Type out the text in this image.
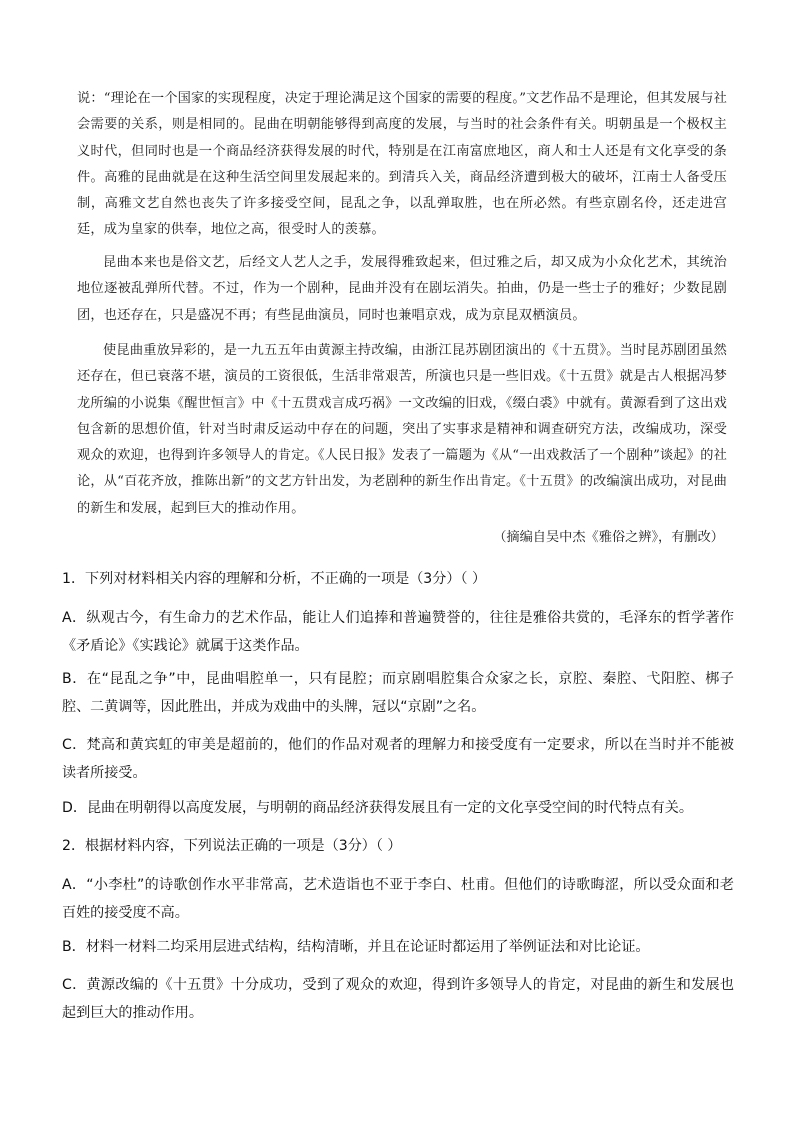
说：“理论在一个国家的实现程度，决定于理论满足这个国家的需要的程度。”文艺作品不是理论，但其发展与社会需要的关系，则是相同的。昆曲在明朝能够得到高度的发展，与当时的社会条件有关。明朝虽是一个极权主义时代，但同时也是一个商品经济获得发展的时代，特别是在江南富庶地区，商人和士人还是有文化享受的条件。高雅的昆曲就是在这种生活空间里发展起来的。到清兵入关，商品经济遭到极大的破坏，江南士人备受压制，高雅文艺自然也丧失了许多接受空间，昆乱之争，以乱弹取胜，也在所必然。有些京剧名伶，还走进宫廷，成为皇家的供奉，地位之高，很受时人的羡慕。
昆曲本来也是俗文艺，后经文人艺人之手，发展得雅致起来，但过雅之后，却又成为小众化艺术，其统治地位逐被乱弹所代替。不过，作为一个剧种，昆曲并没有在剧坛消失。拍曲，仍是一些士子的雅好；少数昆剧团，也还存在，只是盛况不再；有些昆曲演员，同时也兼唱京戏，成为京昆双栖演员。
使昆曲重放异彩的，是一九五五年由黄源主持改编，由浙江昆苏剧团演出的《十五贯》。当时昆苏剧团虽然还存在，但已衰落不堪，演员的工资很低，生活非常艰苦，所演也只是一些旧戏。《十五贯》就是古人根据冯梦龙所编的小说集《醒世恒言》中《十五贯戏言成巧祸》一文改编的旧戏，《缀白裘》中就有。黄源看到了这出戏包含新的思想价值，针对当时肃反运动中存在的问题，突出了实事求是精神和调查研究方法，改编成功，深受观众的欢迎，也得到许多领导人的肯定。《人民日报》发表了一篇题为《从“一出戏救活了一个剧种”谈起》的社论，从“百花齐放，推陈出新”的文艺方针出发，为老剧种的新生作出肯定。《十五贯》的改编演出成功，对昆曲的新生和发展，起到巨大的推动作用。
（摘编自吴中杰《雅俗之辨》，有删改）
1．下列对材料相关内容的理解和分析，不正确的一项是（3分）（ ）
A．纵观古今，有生命力的艺术作品，能让人们追捧和普遍赞誉的，往往是雅俗共赏的，毛泽东的哲学著作《矛盾论》《实践论》就属于这类作品。
B．在“昆乱之争”中，昆曲唱腔单一，只有昆腔；而京剧唱腔集合众家之长，京腔、秦腔、弋阳腔、梆子腔、二黄调等，因此胜出，并成为戏曲中的头牌，冠以“京剧”之名。
C．梵高和黄宾虹的审美是超前的，他们的作品对观者的理解力和接受度有一定要求，所以在当时并不能被读者所接受。
D．昆曲在明朝得以高度发展，与明朝的商品经济获得发展且有一定的文化享受空间的时代特点有关。
2．根据材料内容，下列说法正确的一项是（3分）（ ）
A．“小李杜”的诗歌创作水平非常高，艺术造诣也不亚于李白、杜甫。但他们的诗歌晦涩，所以受众面和老百姓的接受度不高。
B．材料一材料二均采用层进式结构，结构清晰，并且在论证时都运用了举例证法和对比论证。
C．黄源改编的《十五贯》十分成功，受到了观众的欢迎，得到许多领导人的肯定，对昆曲的新生和发展也起到巨大的推动作用。
